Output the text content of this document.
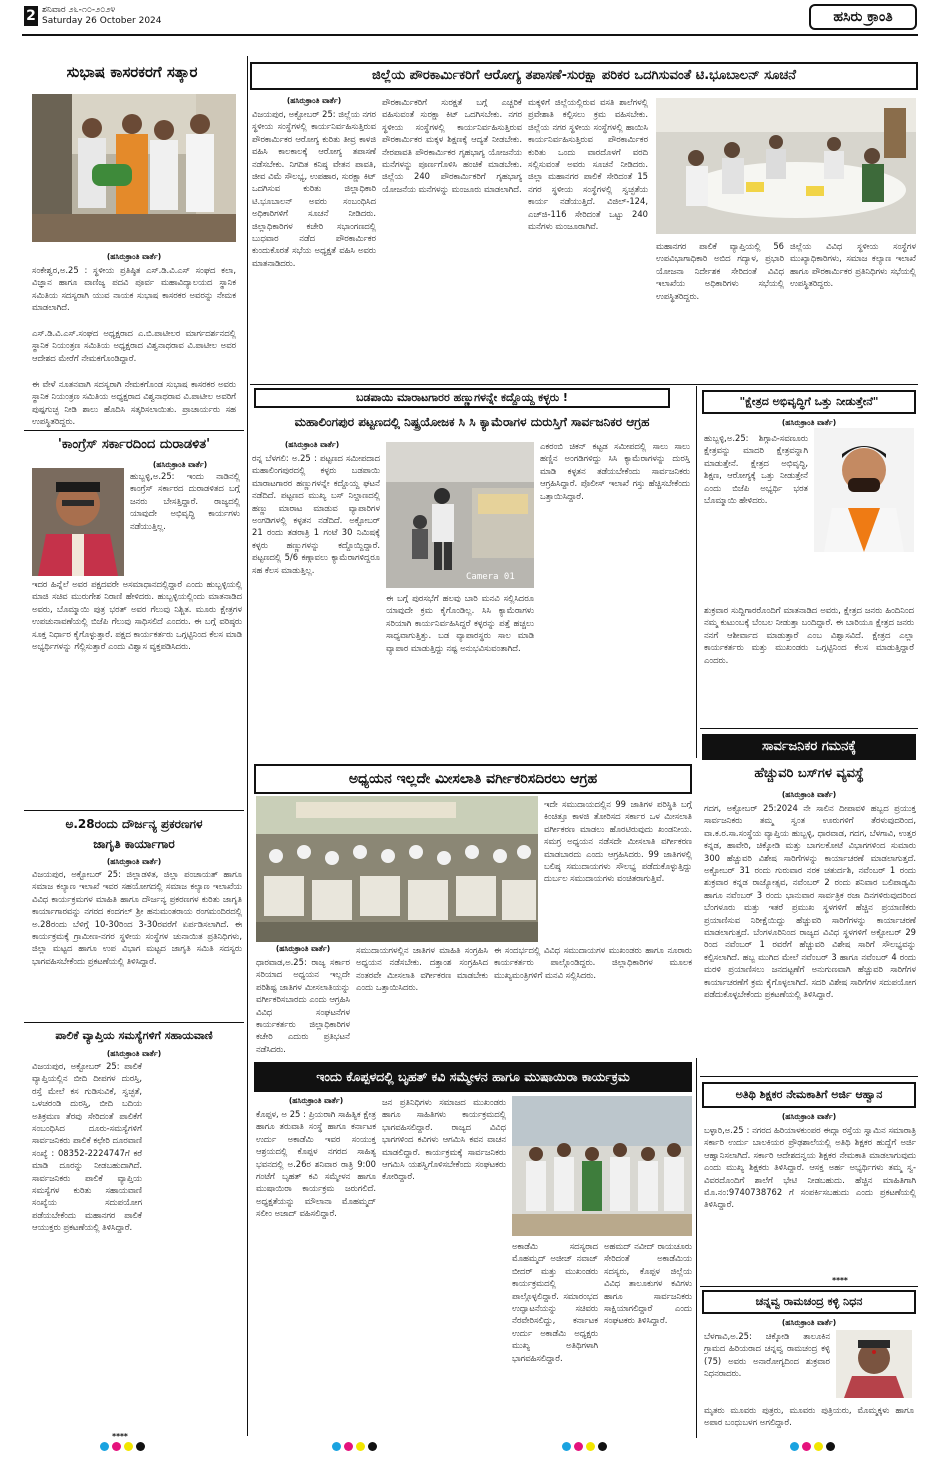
2 ಶನಿವಾರ ೨೬-೧೦-೨೦೨೪
Saturday 26 October 2024	ಹಸಿರು ಕ್ರಾಂತಿ
ಸುಭಾಷ ಕಾಸರಕರಗೆ ಸತ್ಕಾರ
(ಹಸಿರುಕ್ರಾಂತಿ ವಾರ್ತೆ)
ಸಂಕೇಶ್ವರ,ಅ.25 : ಸ್ಥಳೀಯ ಪ್ರತಿಷ್ಠಿತ ಎಸ್.ಡಿ.ವಿ.ಎಸ್ ಸಂಘದ ಕಲಾ, ವಿಜ್ಞಾನ ಹಾಗೂ ವಾಣಿಜ್ಯ ಪದವಿ ಪೂರ್ವ ಮಹಾವಿದ್ಯಾಲಯದ ಸ್ಥಾನಿಕ ಸಮಿತಿಯ ಸದಸ್ಯರಾಗಿ ಯುವ ನಾಯಕ ಸುಭಾಷ ಕಾಸರಕರ ಅವರನ್ನು ನೇಮಕ ಮಾಡಲಾಗಿದೆ.
ಎಸ್.ಡಿ.ವಿ.ಎಸ್.ಸಂಘದ ಅಧ್ಯಕ್ಷರಾದ ಎ.ಬಿ.ಪಾಟೀಲರ ಮಾರ್ಗದರ್ಶನದಲ್ಲಿ ಸ್ಥಾನಿಕ ನಿಯಂತ್ರಣ ಸಮಿತಿಯ ಅಧ್ಯಕ್ಷರಾದ ವಿಶ್ವನಾಥರಾವ ವಿ.ಪಾಟೀಲ ಅವರ ಆದೇಶದ ಮೇರೆಗೆ ನೇಮಕಗೊಂಡಿದ್ದಾರೆ.
ಈ ವೇಳೆ ನೂತನವಾಗಿ ಸದಸ್ಯರಾಗಿ ನೇಮಕಗೊಂಡ ಸುಭಾಷ ಕಾಸರಕರ ಅವರು ಸ್ಥಾನಿಕ ನಿಯಂತ್ರಣ ಸಮಿತಿಯ ಅಧ್ಯಕ್ಷರಾದ ವಿಶ್ವನಾಥರಾವ ವಿ.ಪಾಟೀಲ ಅವರಿಗೆ ಪುಷ್ಪಗುಚ್ಛ ನೀಡಿ ಶಾಲು ಹೊದಿಸಿ ಸತ್ಕರಿಸಲಾಯಿತು. ಪ್ರಾಚಾರ್ಯರು ಸಹ ಉಪಸ್ಥಿತರಿದ್ದರು.
'ಕಾಂಗ್ರೆಸ್ ಸರ್ಕಾರದಿಂದ ದುರಾಡಳಿತ'
(ಹಸಿರುಕ್ರಾಂತಿ ವಾರ್ತೆ)
ಹುಬ್ಬಳ್ಳಿ,ಅ.25: ಇಂದು ನಾಡಿನಲ್ಲಿ ಕಾಂಗ್ರೆಸ್ ಸರ್ಕಾರದ ದುರಾಡಳಿತದ ಬಗ್ಗೆ ಜನರು ಬೇಸತ್ತಿದ್ದಾರೆ. ರಾಜ್ಯದಲ್ಲಿ ಯಾವುದೇ ಅಭಿವೃದ್ಧಿ ಕಾರ್ಯಗಳು ನಡೆಯುತ್ತಿಲ್ಲ.
ಇದರ ಹಿನ್ನೆಲೆ ಅವರ ಪಕ್ಷದವರೇ ಅಸಮಾಧಾನದಲ್ಲಿದ್ದಾರೆ ಎಂದು ಹುಬ್ಬಳ್ಳಿಯಲ್ಲಿ ಮಾಜಿ ಸಚಿವ ಮುರುಗೇಶ ನಿರಾಣಿ ಹೇಳಿದರು. ಹುಬ್ಬಳ್ಳಿಯಲ್ಲಿಂದು ಮಾತನಾಡಿದ ಅವರು, ಬೊಮ್ಮಾಯಿ ಪುತ್ರ ಭರತ್ ಅವರ ಗೆಲುವು ನಿಶ್ಚಿತ. ಮೂರು ಕ್ಷೇತ್ರಗಳ ಉಪಚುನಾವಣೆಯಲ್ಲಿ ಬಿಜೆಪಿ ಗೆಲುವು ಸಾಧಿಸಲಿದೆ ಎಂದರು. ಈ ಬಗ್ಗೆ ವರಿಷ್ಠರು ಸೂಕ್ತ ನಿರ್ಧಾರ ಕೈಗೊಳ್ಳುತ್ತಾರೆ. ಪಕ್ಷದ ಕಾರ್ಯಕರ್ತರು ಒಗ್ಗಟ್ಟಿನಿಂದ ಕೆಲಸ ಮಾಡಿ ಅಭ್ಯರ್ಥಿಗಳನ್ನು ಗೆಲ್ಲಿಸುತ್ತಾರೆ ಎಂದು ವಿಶ್ವಾಸ ವ್ಯಕ್ತಪಡಿಸಿದರು.
ಅ.28ರಂದು ದೌರ್ಜನ್ಯ ಪ್ರಕರಣಗಳ
ಜಾಗೃತಿ ಕಾರ್ಯಾಗಾರ
(ಹಸಿರುಕ್ರಾಂತಿ ವಾರ್ತೆ)
ವಿಜಯಪುರ, ಅಕ್ಟೋಬರ್ 25: ಜಿಲ್ಲಾಡಳಿತ, ಜಿಲ್ಲಾ ಪಂಚಾಯತ್ ಹಾಗೂ ಸಮಾಜ ಕಲ್ಯಾಣ ಇಲಾಖೆ ಇವರ ಸಹಯೋಗದಲ್ಲಿ ಸಮಾಜ ಕಲ್ಯಾಣ ಇಲಾಖೆಯ ವಿವಿಧ ಕಾರ್ಯಕ್ರಮಗಳ ಮಾಹಿತಿ ಹಾಗೂ ದೌರ್ಜನ್ಯ ಪ್ರಕರಣಗಳ ಕುರಿತು ಜಾಗೃತಿ ಕಾರ್ಯಾಗಾರವನ್ನು ನಗರದ ಕಂದಗಲ್ ಶ್ರೀ ಹನುಮಂತರಾಯ ರಂಗಮಂದಿರದಲ್ಲಿ ಅ.28ರಂದು ಬೆಳಿಗ್ಗೆ 10-30ರಿಂದ 3-30ರವರೆಗೆ ಏರ್ಪಡಿಸಲಾಗಿದೆ. ಈ ಕಾರ್ಯಕ್ರಮಕ್ಕೆ ಗ್ರಾಮೀಣ-ನಗರ ಸ್ಥಳೀಯ ಸಂಸ್ಥೆಗಳ ಚುನಾಯಿತ ಪ್ರತಿನಿಧಿಗಳು, ಜಿಲ್ಲಾ ಮಟ್ಟದ ಹಾಗೂ ಉಪ ವಿಭಾಗ ಮಟ್ಟದ ಜಾಗೃತಿ ಸಮಿತಿ ಸದಸ್ಯರು ಭಾಗವಹಿಸಬೇಕೆಂದು ಪ್ರಕಟಣೆಯಲ್ಲಿ ತಿಳಿಸಿದ್ದಾರೆ.
ಪಾಲಿಕೆ ವ್ಯಾಪ್ತಿಯ ಸಮಸ್ಯೆಗಳಿಗೆ ಸಹಾಯವಾಣಿ
(ಹಸಿರುಕ್ರಾಂತಿ ವಾರ್ತೆ)
ವಿಜಯಪುರ, ಅಕ್ಟೋಬರ್ 25: ಪಾಲಿಕೆ ವ್ಯಾಪ್ತಿಯಲ್ಲಿನ ಬೀದಿ ದೀಪಗಳ ದುರಸ್ತಿ, ರಸ್ತೆ ಮೇಲೆ ಕಸ ಗುಡಿಸುವಿಕೆ, ಸ್ವಚ್ಛತೆ, ಒಳಚರಂಡಿ ದುರಸ್ತಿ, ಬೀದಿ ಬದಿಯ ಅತಿಕ್ರಮಣ ತೆರವು ಸೇರಿದಂತೆ ಪಾಲಿಕೆಗೆ ಸಂಬಂಧಿಸಿದ ದೂರು-ಸಮಸ್ಯೆಗಳಿಗೆ ಸಾರ್ವಜನಿಕರು ಪಾಲಿಕೆ ಕಛೇರಿ ದೂರವಾಣಿ ಸಂಖ್ಯೆ : 08352-2224747ಗೆ ಕರೆ ಮಾಡಿ ದೂರನ್ನು ನೀಡಬಹುದಾಗಿದೆ. ಸಾರ್ವಜನಿಕರು ಪಾಲಿಕೆ ವ್ಯಾಪ್ತಿಯ ಸಮಸ್ಯೆಗಳ ಕುರಿತು ಸಹಾಯವಾಣಿ ಸಂಖ್ಯೆಯ ಸದುಪಯೋಗ ಪಡೆಯಬೇಕೆಂದು ಮಹಾನಗರ ಪಾಲಿಕೆ ಆಯುಕ್ತರು ಪ್ರಕಟಣೆಯಲ್ಲಿ ತಿಳಿಸಿದ್ದಾರೆ.
****
ಜಿಲ್ಲೆಯ ಪೌರಕಾರ್ಮಿಕರಿಗೆ ಆರೋಗ್ಯ ತಪಾಸಣೆ-ಸುರಕ್ಷಾ ಪರಿಕರ ಒದಗಿಸುವಂತೆ ಟಿ.ಭೂಬಾಲನ್ ಸೂಚನೆ
(ಹಸಿರುಕ್ರಾಂತಿ ವಾರ್ತೆ)
ವಿಜಯಪುರ, ಅಕ್ಟೋಬರ್ 25: ಜಿಲ್ಲೆಯ ನಗರ ಸ್ಥಳೀಯ ಸಂಸ್ಥೆಗಳಲ್ಲಿ ಕಾರ್ಯನಿರ್ವಹಿಸುತ್ತಿರುವ ಪೌರಕಾರ್ಮಿಕರ ಆರೋಗ್ಯ ಕುರಿತು ತೀವ್ರ ಕಾಳಜಿ ವಹಿಸಿ ಕಾಲಕಾಲಕ್ಕೆ ಆರೋಗ್ಯ ತಪಾಸಣೆ ನಡೆಸಬೇಕು. ನಿಗದಿತ ಕನಿಷ್ಠ ವೇತನ ಪಾವತಿ, ಜೀವ ವಿಮೆ ಸೌಲಭ್ಯ, ಉಪಹಾರ, ಸುರಕ್ಷಾ ಕಿಟ್ ಒದಗಿಸುವ ಕುರಿತು ಜಿಲ್ಲಾಧಿಕಾರಿ ಟಿ.ಭೂಬಾಲನ್ ಅವರು ಸಂಬಂಧಿಸಿದ ಅಧಿಕಾರಿಗಳಿಗೆ ಸೂಚನೆ ನೀಡಿದರು. ಜಿಲ್ಲಾಧಿಕಾರಿಗಳ ಕಚೇರಿ ಸಭಾಂಗಣದಲ್ಲಿ ಬುಧವಾರ ನಡೆದ ಪೌರಕಾರ್ಮಿಕರ ಕುಂದುಕೊರತೆ ಸಭೆಯ ಅಧ್ಯಕ್ಷತೆ ವಹಿಸಿ ಅವರು ಮಾತನಾಡಿದರು.
ಪೌರಕಾರ್ಮಿಕರಿಗೆ ಸುರಕ್ಷತೆ ಬಗ್ಗೆ ಎಚ್ಚರಿಕೆ ವಹಿಸುವಂತೆ ಸುರಕ್ಷಾ ಕಿಟ್ ಒದಗಿಸಬೇಕು. ನಗರ ಸ್ಥಳೀಯ ಸಂಸ್ಥೆಗಳಲ್ಲಿ ಕಾರ್ಯನಿರ್ವಹಿಸುತ್ತಿರುವ ಪೌರಕಾರ್ಮಿಕರ ಮಕ್ಕಳ ಶಿಕ್ಷಣಕ್ಕೆ ಆದ್ಯತೆ ನೀಡಬೇಕು. ನೇರಪಾವತಿ ಪೌರಕಾರ್ಮಿಕರ ಗೃಹಭಾಗ್ಯ ಯೋಜನೆಯ ಮನೆಗಳನ್ನು ಪೂರ್ಣಗೊಳಿಸಿ ಹಂಚಿಕೆ ಮಾಡಬೇಕು. ಜಿಲ್ಲೆಯ 240 ಪೌರಕಾರ್ಮಿಕರಿಗೆ ಗೃಹಭಾಗ್ಯ ಯೋಜನೆಯ ಮನೆಗಳನ್ನು ಮಂಜೂರು ಮಾಡಲಾಗಿದೆ.
ಮಕ್ಕಳಿಗೆ ಜಿಲ್ಲೆಯಲ್ಲಿರುವ ವಸತಿ ಶಾಲೆಗಳಲ್ಲಿ ಪ್ರವೇಶಾತಿ ಕಲ್ಪಿಸಲು ಕ್ರಮ ವಹಿಸಬೇಕು. ಜಿಲ್ಲೆಯ ನಗರ ಸ್ಥಳೀಯ ಸಂಸ್ಥೆಗಳಲ್ಲಿ ಹಾಯಿಸಿ ಕಾರ್ಯನಿರ್ವಹಿಸುತ್ತಿರುವ ಪೌರಕಾರ್ಮಿಕರ ಕುರಿತು ಒಂದು ವಾರದೊಳಗೆ ವರದಿ ಸಲ್ಲಿಸುವಂತೆ ಅವರು ಸೂಚನೆ ನೀಡಿದರು. ಜಿಲ್ಲಾ ಮಹಾನಗರ ಪಾಲಿಕೆ ಸೇರಿದಂತೆ 15 ನಗರ ಸ್ಥಳೀಯ ಸಂಸ್ಥೆಗಳಲ್ಲಿ ಸ್ವಚ್ಛತೆಯ ಕಾರ್ಯ ನಡೆಯುತ್ತಿದೆ. ವಿಜಿಲ್-124, ಎಚ್‌ಜಿ-116 ಸೇರಿದಂತೆ ಒಟ್ಟು 240 ಮನೆಗಳು ಮಂಜೂರಾಗಿವೆ.
ಮಹಾನಗರ ಪಾಲಿಕೆ ವ್ಯಾಪ್ತಿಯಲ್ಲಿ 56 ಉಪವಿಭಾಗಾಧಿಕಾರಿ ಅಬಿದ ಗದ್ಯಾಳ, ಪ್ರಭಾರಿ ಯೋಜನಾ ನಿರ್ದೇಶಕ ಸೇರಿದಂತೆ ವಿವಿಧ ಇಲಾಖೆಯ ಅಧಿಕಾರಿಗಳು ಸಭೆಯಲ್ಲಿ ಉಪಸ್ಥಿತರಿದ್ದರು.
ಜಿಲ್ಲೆಯ ವಿವಿಧ ಸ್ಥಳೀಯ ಸಂಸ್ಥೆಗಳ ಮುಖ್ಯಾಧಿಕಾರಿಗಳು, ಸಮಾಜ ಕಲ್ಯಾಣ ಇಲಾಖೆ ಹಾಗೂ ಪೌರಕಾರ್ಮಿಕರ ಪ್ರತಿನಿಧಿಗಳು ಸಭೆಯಲ್ಲಿ ಉಪಸ್ಥಿತರಿದ್ದರು.
ಬಡಪಾಯಿ ಮಾರಾಟಗಾರರ ಹಣ್ಣುಗಳನ್ನೇ ಕದ್ದೊಯ್ದ ಕಳ್ಳರು !
ಮಹಾಲಿಂಗಪುರ ಪಟ್ಟಣದಲ್ಲಿ ನಿಷ್ಪ್ರಯೋಜಕ ಸಿ ಸಿ ಕ್ಯಾಮೆರಾಗಳ ದುರುಸ್ತಿಗೆ ಸಾರ್ವಜನಿಕರ ಆಗ್ರಹ
(ಹಸಿರುಕ್ರಾಂತಿ ವಾರ್ತೆ)
ರನ್ನ ಬೆಳಗಲಿ: ಅ.25 : ಪಟ್ಟಣದ ಸಮೀಪದಾದ ಮಹಾಲಿಂಗಪುರದಲ್ಲಿ ಕಳ್ಳರು ಬಡಪಾಯಿ ಮಾರಾಟಗಾರರ ಹಣ್ಣುಗಳನ್ನೇ ಕದ್ದೊಯ್ದ ಘಟನೆ ನಡೆದಿದೆ. ಪಟ್ಟಣದ ಮುಖ್ಯ ಬಸ್ ನಿಲ್ದಾಣದಲ್ಲಿ ಹಣ್ಣು ಮಾರಾಟ ಮಾಡುವ ವ್ಯಾಪಾರಿಗಳ ಅಂಗಡಿಗಳಲ್ಲಿ ಕಳ್ಳತನ ನಡೆದಿದೆ. ಅಕ್ಟೋಬರ್ 21 ರಂದು ತಡರಾತ್ರಿ 1 ಗಂಟೆ 30 ನಿಮಿಷಕ್ಕೆ ಕಳ್ಳರು ಹಣ್ಣುಗಳನ್ನು ಕದ್ದೊಯ್ದಿದ್ದಾರೆ. ಪಟ್ಟಣದಲ್ಲಿ 5/6 ಕಣ್ಗಾವಲು ಕ್ಯಾಮೆರಾಗಳಿದ್ದರೂ ಸಹ ಕೆಲಸ ಮಾಡುತ್ತಿಲ್ಲ.
Camera 01
ಈ ಬಗ್ಗೆ ಪುರಸಭೆಗೆ ಹಲವು ಬಾರಿ ಮನವಿ ಸಲ್ಲಿಸಿದರೂ ಯಾವುದೇ ಕ್ರಮ ಕೈಗೊಂಡಿಲ್ಲ. ಸಿಸಿ ಕ್ಯಾಮೆರಾಗಳು ಸರಿಯಾಗಿ ಕಾರ್ಯನಿರ್ವಹಿಸಿದ್ದರೆ ಕಳ್ಳರನ್ನು ಪತ್ತೆ ಹಚ್ಚಲು ಸಾಧ್ಯವಾಗುತ್ತಿತ್ತು. ಬಡ ವ್ಯಾಪಾರಸ್ಥರು ಸಾಲ ಮಾಡಿ ವ್ಯಾಪಾರ ಮಾಡುತ್ತಿದ್ದು ನಷ್ಟ ಅನುಭವಿಸುವಂತಾಗಿದೆ.
ಎಕರಂಬಿ ಚಿಕನ್ ಕಟ್ಟಡ ಸಮೀಪದಲ್ಲಿ ಸಾಲು ಸಾಲು ಹಣ್ಣಿನ ಅಂಗಡಿಗಳಿದ್ದು ಸಿಸಿ ಕ್ಯಾಮೆರಾಗಳನ್ನು ದುರಸ್ತಿ ಮಾಡಿ ಕಳ್ಳತನ ತಡೆಯಬೇಕೆಂದು ಸಾರ್ವಜನಿಕರು ಆಗ್ರಹಿಸಿದ್ದಾರೆ. ಪೊಲೀಸ್ ಇಲಾಖೆ ಗಸ್ತು ಹೆಚ್ಚಿಸಬೇಕೆಂದು ಒತ್ತಾಯಿಸಿದ್ದಾರೆ.
"ಕ್ಷೇತ್ರದ ಅಭಿವೃದ್ಧಿಗೆ ಒತ್ತು ನೀಡುತ್ತೇನೆ"
(ಹಸಿರುಕ್ರಾಂತಿ ವಾರ್ತೆ)
ಹುಬ್ಬಳ್ಳಿ,ಅ.25: ಶಿಗ್ಗಾವಿ-ಸವಣೂರು ಕ್ಷೇತ್ರವನ್ನು ಮಾದರಿ ಕ್ಷೇತ್ರವನ್ನಾಗಿ ಮಾಡುತ್ತೇನೆ. ಕ್ಷೇತ್ರದ ಅಭಿವೃದ್ಧಿ, ಶಿಕ್ಷಣ, ಆರೋಗ್ಯಕ್ಕೆ ಒತ್ತು ನೀಡುತ್ತೇನೆ ಎಂದು ಬಿಜೆಪಿ ಅಭ್ಯರ್ಥಿ ಭರತ ಬೊಮ್ಮಾಯಿ ಹೇಳಿದರು.
ಶುಕ್ರವಾರ ಸುದ್ದಿಗಾರರೊಂದಿಗೆ ಮಾತನಾಡಿದ ಅವರು, ಕ್ಷೇತ್ರದ ಜನರು ಹಿಂದಿನಿಂದ ನಮ್ಮ ಕುಟುಂಬಕ್ಕೆ ಬೆಂಬಲ ನೀಡುತ್ತಾ ಬಂದಿದ್ದಾರೆ. ಈ ಬಾರಿಯೂ ಕ್ಷೇತ್ರದ ಜನರು ನನಗೆ ಆಶೀರ್ವಾದ ಮಾಡುತ್ತಾರೆ ಎಂಬ ವಿಶ್ವಾಸವಿದೆ. ಕ್ಷೇತ್ರದ ಎಲ್ಲಾ ಕಾರ್ಯಕರ್ತರು ಮತ್ತು ಮುಖಂಡರು ಒಗ್ಗಟ್ಟಿನಿಂದ ಕೆಲಸ ಮಾಡುತ್ತಿದ್ದಾರೆ ಎಂದರು.
ಸಾರ್ವಜನಿಕರ ಗಮನಕ್ಕೆ
ಹೆಚ್ಚುವರಿ ಬಸ್‌ಗಳ ವ್ಯವಸ್ಥೆ
(ಹಸಿರುಕ್ರಾಂತಿ ವಾರ್ತೆ)
ಗದಗ, ಅಕ್ಟೋಬರ್ 25:2024 ನೇ ಸಾಲಿನ ದೀಪಾವಳಿ ಹಬ್ಬದ ಪ್ರಯುಕ್ತ ಸಾರ್ವಜನಿಕರು ತಮ್ಮ ಸ್ವಂತ ಊರುಗಳಿಗೆ ತೆರಳುವುದರಿಂದ, ವಾ.ಕ.ರ.ಸಾ.ಸಂಸ್ಥೆಯ ವ್ಯಾಪ್ತಿಯ ಹುಬ್ಬಳ್ಳಿ, ಧಾರವಾಡ, ಗದಗ, ಬೆಳಗಾವಿ, ಉತ್ತರ ಕನ್ನಡ, ಹಾವೇರಿ, ಚಿಕ್ಕೋಡಿ ಮತ್ತು ಬಾಗಲಕೋಟೆ ವಿಭಾಗಗಳಿಂದ ಸುಮಾರು 300 ಹೆಚ್ಚುವರಿ ವಿಶೇಷ ಸಾರಿಗೆಗಳನ್ನು ಕಾರ್ಯಾಚರಣೆ ಮಾಡಲಾಗುತ್ತದೆ. ಅಕ್ಟೋಬರ್ 31 ರಂದು ಗುರುವಾರ ನರಕ ಚತುರ್ದಶಿ, ನವೆಂಬರ್ 1 ರಂದು ಶುಕ್ರವಾರ ಕನ್ನಡ ರಾಜ್ಯೋತ್ಸವ, ನವೆಂಬರ್ 2 ರಂದು ಶನಿವಾರ ಬಲಿಪಾಡ್ಯಮಿ ಹಾಗೂ ನವೆಂಬರ್ 3 ರಂದು ಭಾನುವಾರ ಸಾರ್ವತ್ರಿಕ ರಜಾ ದಿನಗಳಿರುವುದರಿಂದ ಬೆಂಗಳೂರು ಮತ್ತು ಇತರೆ ಪ್ರಮುಖ ಸ್ಥಳಗಳಿಗೆ ಹೆಚ್ಚಿನ ಪ್ರಯಾಣಿಕರು ಪ್ರಯಾಣಿಸುವ ನಿರೀಕ್ಷೆಯಿದ್ದು ಹೆಚ್ಚುವರಿ ಸಾರಿಗೆಗಳನ್ನು ಕಾರ್ಯಾಚರಣೆ ಮಾಡಲಾಗುತ್ತದೆ. ಬೆಂಗಳೂರಿನಿಂದ ರಾಜ್ಯದ ವಿವಿಧ ಸ್ಥಳಗಳಿಗೆ ಅಕ್ಟೋಬರ್ 29 ರಿಂದ ನವೆಂಬರ್ 1 ರವರೆಗೆ ಹೆಚ್ಚುವರಿ ವಿಶೇಷ ಸಾರಿಗೆ ಸೌಲಭ್ಯವನ್ನು ಕಲ್ಪಿಸಲಾಗಿದೆ. ಹಬ್ಬ ಮುಗಿದ ಮೇಲೆ ನವೆಂಬರ್ 3 ಹಾಗೂ ನವೆಂಬರ್ 4 ರಂದು ಮರಳಿ ಪ್ರಯಾಣಿಸಲು ಜನದಟ್ಟಣೆಗೆ ಅನುಗುಣವಾಗಿ ಹೆಚ್ಚುವರಿ ಸಾರಿಗೆಗಳ ಕಾರ್ಯಾಚರಣೆಗೆ ಕ್ರಮ ಕೈಗೊಳ್ಳಲಾಗಿದೆ. ಸದರಿ ವಿಶೇಷ ಸಾರಿಗೆಗಳ ಸದುಪಯೋಗ ಪಡೆದುಕೊಳ್ಳಬೇಕೆಂದು ಪ್ರಕಟಣೆಯಲ್ಲಿ ತಿಳಿಸಿದ್ದಾರೆ.
ಅಧ್ಯಯನ ಇಲ್ಲದೇ ಮೀಸಲಾತಿ ವರ್ಗೀಕರಿಸದಿರಲು ಆಗ್ರಹ
ಇದೇ ಸಮುದಾಯದಲ್ಲಿನ 99 ಜಾತಿಗಳ ಪರಿಸ್ಥಿತಿ ಬಗ್ಗೆ ಕಿಂಚಿತ್ತೂ ಕಾಳಜಿ ತೋರಿಸದ ಸರ್ಕಾರ ಒಳ ಮೀಸಲಾತಿ ವರ್ಗೀಕರಣ ಮಾಡಲು ಹೊರಟಿರುವುದು ಖಂಡನೀಯ. ಸಮಗ್ರ ಅಧ್ಯಯನ ನಡೆಸದೇ ಮೀಸಲಾತಿ ವರ್ಗೀಕರಣ ಮಾಡಬಾರದು ಎಂದು ಆಗ್ರಹಿಸಿದರು. 99 ಜಾತಿಗಳಲ್ಲಿ ಬಲಿಷ್ಠ ಸಮುದಾಯಗಳು ಸೌಲಭ್ಯ ಪಡೆದುಕೊಳ್ಳುತ್ತಿದ್ದು ದುರ್ಬಲ ಸಮುದಾಯಗಳು ವಂಚಿತರಾಗುತ್ತಿವೆ.
(ಹಸಿರುಕ್ರಾಂತಿ ವಾರ್ತೆ)
ಧಾರವಾಡ,ಅ.25: ರಾಜ್ಯ ಸರ್ಕಾರ ಸರಿಯಾದ ಅಧ್ಯಯನ ಇಲ್ಲದೇ ಪರಿಶಿಷ್ಟ ಜಾತಿಗಳ ಮೀಸಲಾತಿಯನ್ನು ವರ್ಗೀಕರಿಸಬಾರದು ಎಂದು ಆಗ್ರಹಿಸಿ ವಿವಿಧ ಸಂಘಟನೆಗಳ ಕಾರ್ಯಕರ್ತರು ಜಿಲ್ಲಾಧಿಕಾರಿಗಳ ಕಚೇರಿ ಎದುರು ಪ್ರತಿಭಟನೆ ನಡೆಸಿದರು.
ಸಮುದಾಯಗಳಲ್ಲಿನ ಜಾತಿಗಳ ಮಾಹಿತಿ ಸಂಗ್ರಹಿಸಿ ಅಧ್ಯಯನ ನಡೆಸಬೇಕು. ದತ್ತಾಂಶ ಸಂಗ್ರಹಿಸಿದ ನಂತರವೇ ಮೀಸಲಾತಿ ವರ್ಗೀಕರಣ ಮಾಡಬೇಕು ಎಂದು ಒತ್ತಾಯಿಸಿದರು.
ಈ ಸಂದರ್ಭದಲ್ಲಿ ವಿವಿಧ ಸಮುದಾಯಗಳ ಮುಖಂಡರು ಹಾಗೂ ನೂರಾರು ಕಾರ್ಯಕರ್ತರು ಪಾಲ್ಗೊಂಡಿದ್ದರು. ಜಿಲ್ಲಾಧಿಕಾರಿಗಳ ಮೂಲಕ ಮುಖ್ಯಮಂತ್ರಿಗಳಿಗೆ ಮನವಿ ಸಲ್ಲಿಸಿದರು.
ಇಂದು ಕೊಪ್ಪಳದಲ್ಲಿ ಬೃಹತ್ ಕವಿ ಸಮ್ಮೇಳನ ಹಾಗೂ ಮುಷಾಯಿರಾ ಕಾರ್ಯಕ್ರಮ
(ಹಸಿರುಕ್ರಾಂತಿ ವಾರ್ತೆ)
ಕೊಪ್ಪಳ, ಅ 25 : ಪ್ರಿಯರಾಗಿ ಸಾಹಿತ್ಯಿಕ ಕ್ಷೇತ್ರ ಹಾಗೂ ತರುವಾತಿ ಸಂಸ್ಥೆ ಹಾಗೂ ಕರ್ನಾಟಕ ಉರ್ದು ಅಕಾಡೆಮಿ ಇವರ ಸಂಯುಕ್ತ ಆಶ್ರಯದಲ್ಲಿ ಕೊಪ್ಪಳ ನಗರದ ಸಾಹಿತ್ಯ ಭವನದಲ್ಲಿ ಅ.26ರ ಶನಿವಾರ ರಾತ್ರಿ 9:00 ಗಂಟೆಗೆ ಬೃಹತ್ ಕವಿ ಸಮ್ಮೇಳನ ಹಾಗೂ ಮುಷಾಯಿರಾ ಕಾರ್ಯಕ್ರಮ ಜರುಗಲಿದೆ. ಅಧ್ಯಕ್ಷತೆಯನ್ನು ಮೌಲಾನಾ ಮೊಹಮ್ಮದ್ ಸಲೀಂ ಅಜಾದ್ ವಹಿಸಲಿದ್ದಾರೆ.
ಜನ ಪ್ರತಿನಿಧಿಗಳು ಸಮಾಜದ ಮುಖಂಡರು ಹಾಗೂ ಸಾಹಿತಿಗಳು ಕಾರ್ಯಕ್ರಮದಲ್ಲಿ ಭಾಗವಹಿಸಲಿದ್ದಾರೆ. ರಾಜ್ಯದ ವಿವಿಧ ಭಾಗಗಳಿಂದ ಕವಿಗಳು ಆಗಮಿಸಿ ಕವನ ವಾಚನ ಮಾಡಲಿದ್ದಾರೆ. ಕಾರ್ಯಕ್ರಮಕ್ಕೆ ಸಾರ್ವಜನಿಕರು ಆಗಮಿಸಿ ಯಶಸ್ವಿಗೊಳಿಸಬೇಕೆಂದು ಸಂಘಟಕರು ಕೋರಿದ್ದಾರೆ.
ಅಕಾಡೆಮಿ ಸದಸ್ಯರಾದ ಮೊಹಮ್ಮದ್ ಅಜೀಜ್ ನವಾಜ್ ಬೀದರ್ ಮತ್ತು ಮುಖಂಡರು ಕಾರ್ಯಕ್ರಮದಲ್ಲಿ ಪಾಲ್ಗೊಳ್ಳಲಿದ್ದಾರೆ. ಸಮಾರಂಭದ ಉದ್ಘಾಟನೆಯನ್ನು ಸಚಿವರು ನೆರವೇರಿಸಲಿದ್ದು, ಕರ್ನಾಟಕ ಉರ್ದು ಅಕಾಡೆಮಿ ಅಧ್ಯಕ್ಷರು ಮುಖ್ಯ ಅತಿಥಿಗಳಾಗಿ ಭಾಗವಹಿಸಲಿದ್ದಾರೆ.
ಅಹಮದ್ ನವೀದ್ ರಾಯಚೂರು ಸೇರಿದಂತೆ ಅಕಾಡೆಮಿಯ ಸದಸ್ಯರು, ಕೊಪ್ಪಳ ಜಿಲ್ಲೆಯ ವಿವಿಧ ತಾಲೂಕುಗಳ ಕವಿಗಳು ಹಾಗೂ ಸಾರ್ವಜನಿಕರು ಸಾಕ್ಷಿಯಾಗಲಿದ್ದಾರೆ ಎಂದು ಸಂಘಟಕರು ತಿಳಿಸಿದ್ದಾರೆ.
ಅತಿಥಿ ಶಿಕ್ಷಕರ ನೇಮಕಾತಿಗೆ ಅರ್ಜಿ ಆಹ್ವಾನ
(ಹಸಿರುಕ್ರಾಂತಿ ವಾರ್ತೆ)
ಬಳ್ಳಾರಿ,ಅ.25 : ನಗರದ ಹಿರಿಯಾಳಕುಂಪರ ಈದ್ಗಾ ರಸ್ತೆಯ ಸ್ವಾಮಿನ ಸಮಾರಾತ್ರಿ ಸರ್ಕಾರಿ ಉರ್ದು ಬಾಲಕಿಯರ ಪ್ರೌಢಶಾಲೆಯಲ್ಲಿ ಅತಿಥಿ ಶಿಕ್ಷಕರ ಹುದ್ದೆಗೆ ಅರ್ಜಿ ಆಹ್ವಾನಿಸಲಾಗಿದೆ. ಸರ್ಕಾರಿ ಆದೇಶದನ್ವಯ ಶಿಕ್ಷಕರ ನೇಮಕಾತಿ ಮಾಡಲಾಗುವುದು ಎಂದು ಮುಖ್ಯ ಶಿಕ್ಷಕರು ತಿಳಿಸಿದ್ದಾರೆ. ಆಸಕ್ತ ಅರ್ಹ ಅಭ್ಯರ್ಥಿಗಳು ತಮ್ಮ ಸ್ವ-ವಿವರದೊಂದಿಗೆ ಶಾಲೆಗೆ ಭೇಟಿ ನೀಡಬಹುದು. ಹೆಚ್ಚಿನ ಮಾಹಿತಿಗಾಗಿ ಮೊ.ನಂ:9740738762 ಗೆ ಸಂಪರ್ಕಿಸಬಹುದು ಎಂದು ಪ್ರಕಟಣೆಯಲ್ಲಿ ತಿಳಿಸಿದ್ದಾರೆ.
****
ಚನ್ನವ್ವ ರಾಮಚಂದ್ರ ಕಳ್ಳಿ ನಿಧನ
(ಹಸಿರುಕ್ರಾಂತಿ ವಾರ್ತೆ)
ಬೆಳಗಾವಿ,ಅ.25: ಚಿಕ್ಕೋಡಿ ತಾಲೂಕಿನ ಗ್ರಾಮದ ಹಿರಿಯರಾದ ಚನ್ನವ್ವ ರಾಮಚಂದ್ರ ಕಳ್ಳಿ (75) ಅವರು ಅನಾರೋಗ್ಯದಿಂದ ಶುಕ್ರವಾರ ನಿಧನರಾದರು.
ಮೃತರು ಮೂವರು ಪುತ್ರರು, ಮೂವರು ಪುತ್ರಿಯರು, ಮೊಮ್ಮಕ್ಕಳು ಹಾಗೂ ಅಪಾರ ಬಂಧುಬಳಗ ಅಗಲಿದ್ದಾರೆ.
